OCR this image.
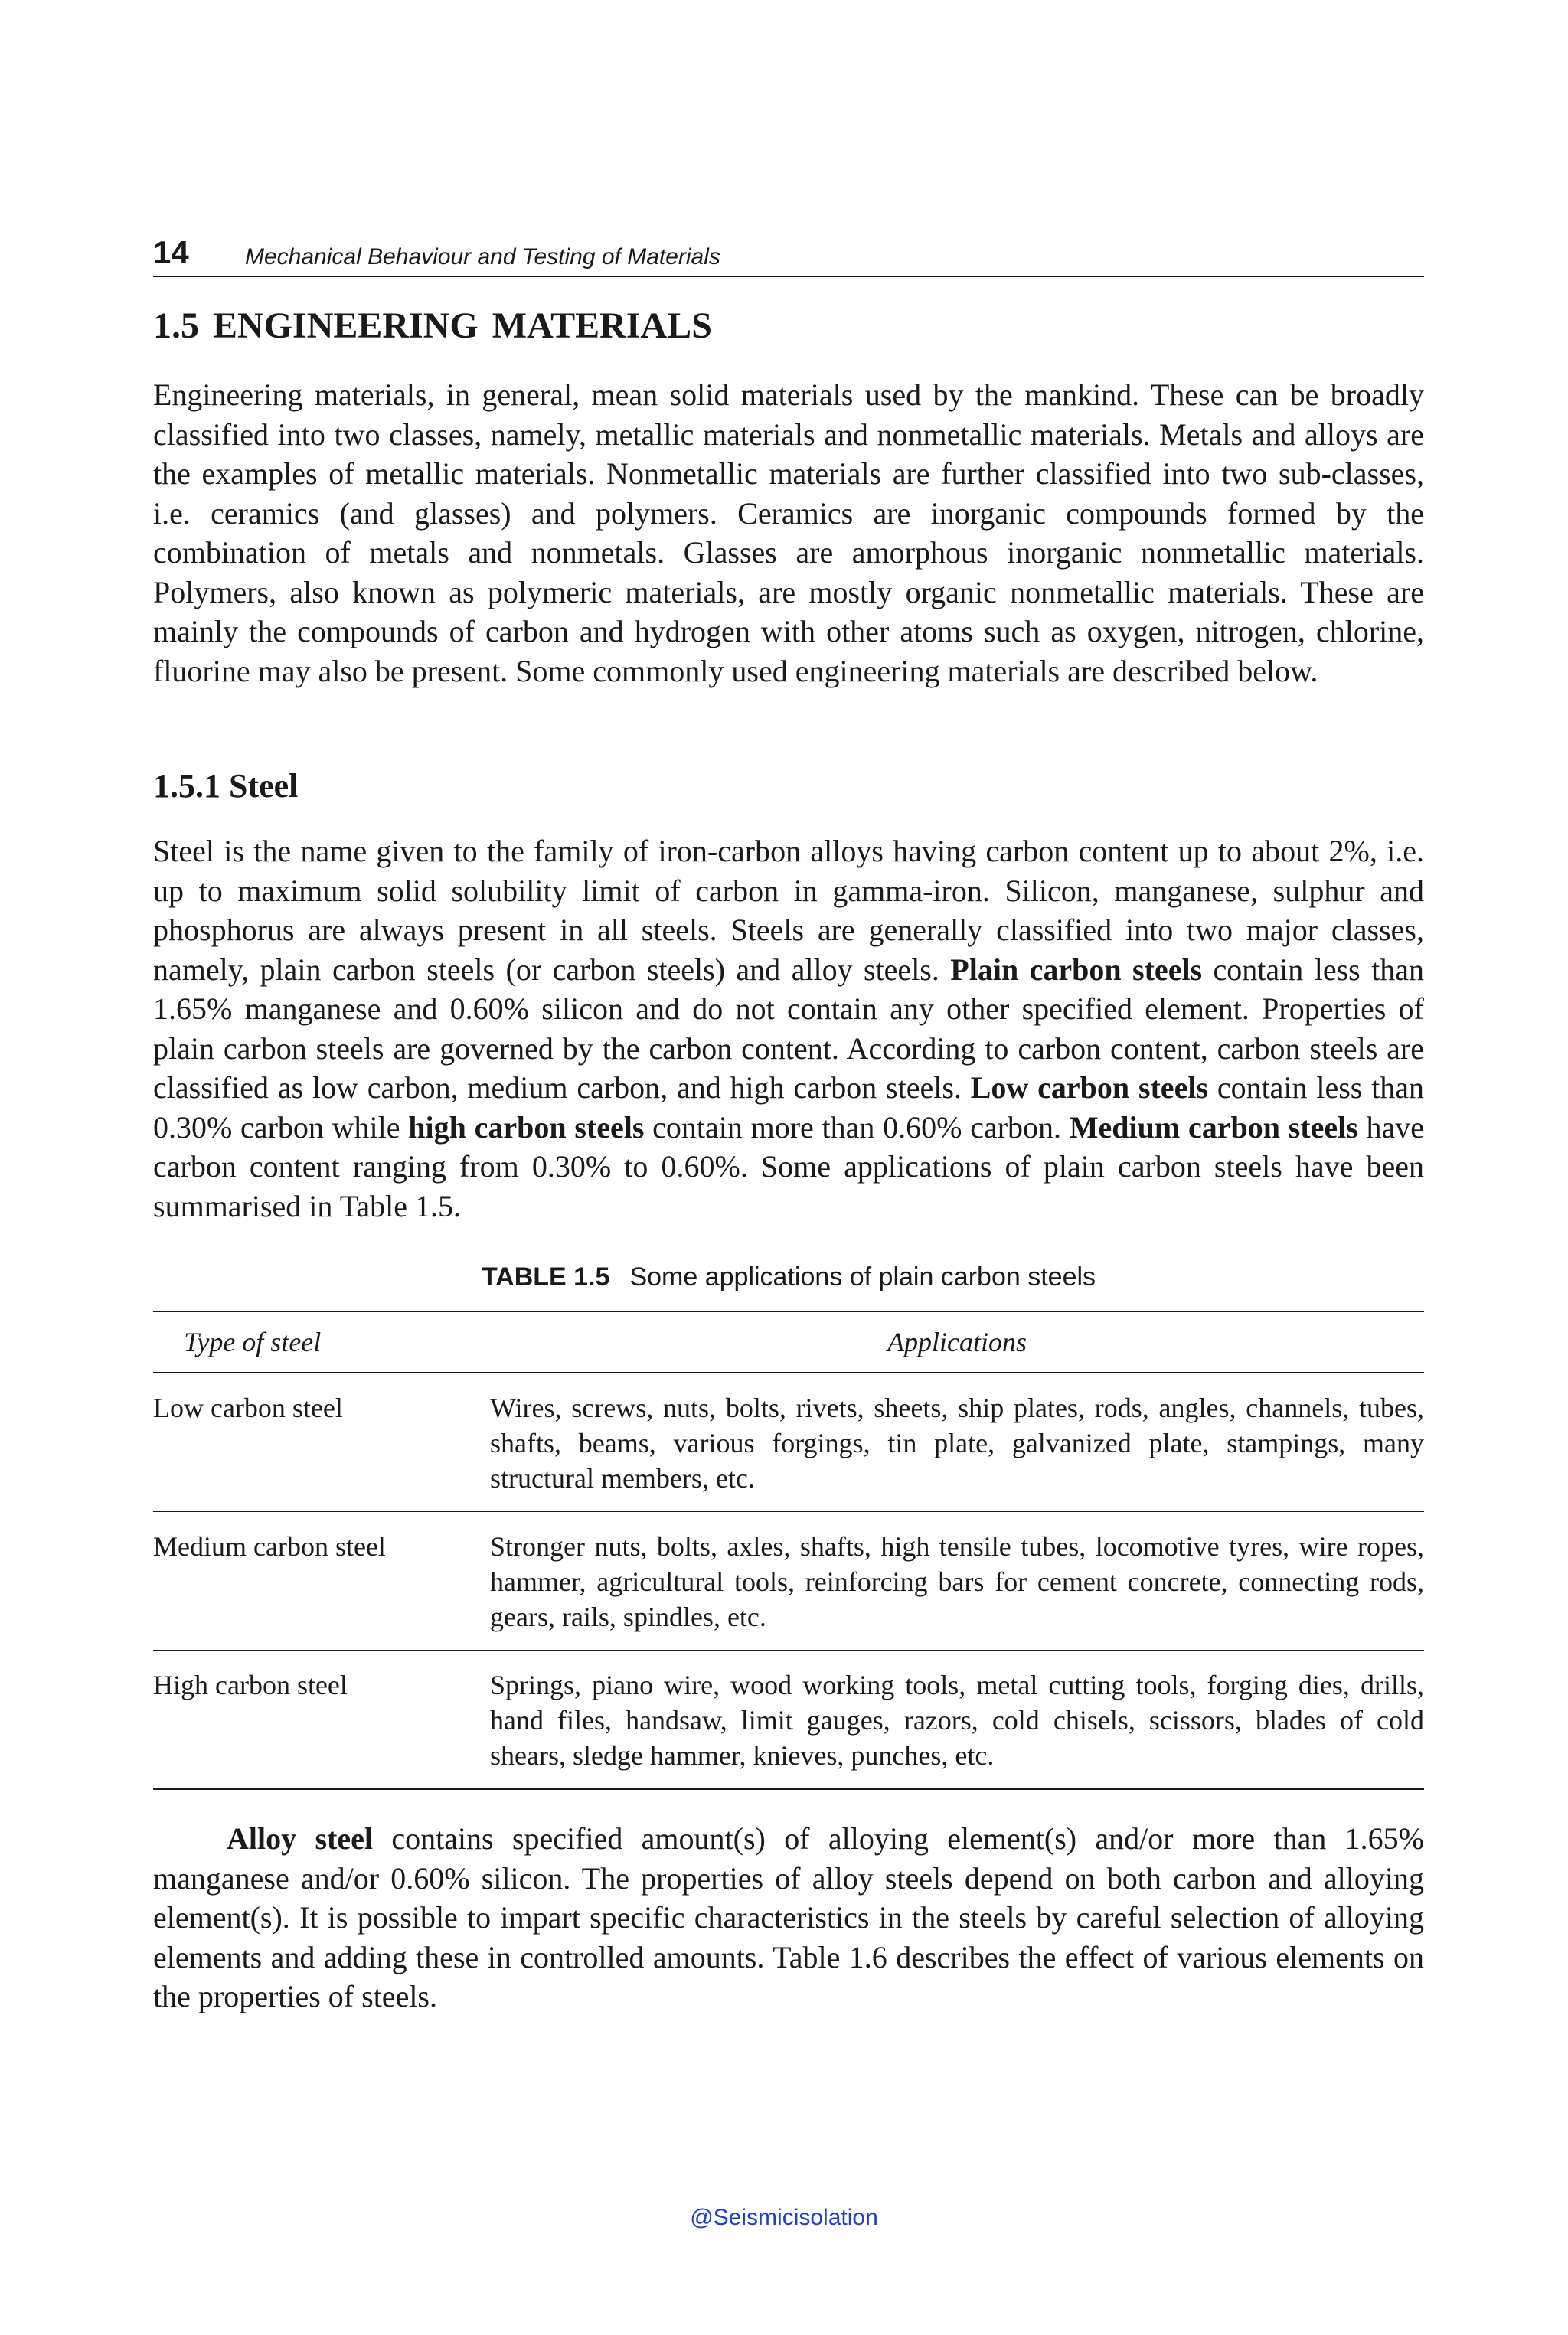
14 Mechanical Behaviour and Testing of Materials
1.5 ENGINEERING MATERIALS

Engineering materials, in general, mean solid materials used by the mankind. These can be broadly classified into two classes, namely, metallic materials and nonmetallic materials. Metals and alloys are the examples of metallic materials. Nonmetallic materials are further classified into two sub-classes, i.e. ceramics (and glasses) and polymers. Ceramics are inorganic compounds formed by the combination of metals and nonmetals. Glasses are amorphous inorganic nonmetallic materials. Polymers, also known as polymeric materials, are mostly organic nonmetallic materials. These are mainly the compounds of carbon and hydrogen with other atoms such as oxygen, nitrogen, chlorine, fluorine may also be present. Some commonly used engineering materials are described below.

1.5.1 Steel

Steel is the name given to the family of iron-carbon alloys having carbon content up to about 2%, i.e. up to maximum solid solubility limit of carbon in gamma-iron. Silicon, manganese, sulphur and phosphorus are always present in all steels. Steels are generally classified into two major classes, namely, plain carbon steels (or carbon steels) and alloy steels. Plain carbon steels contain less than 1.65% manganese and 0.60% silicon and do not contain any other specified element. Properties of plain carbon steels are governed by the carbon content. According to carbon content, carbon steels are classified as low carbon, medium carbon, and high carbon steels. Low carbon steels contain less than 0.30% carbon while high carbon steels contain more than 0.60% carbon. Medium carbon steels have carbon content ranging from 0.30% to 0.60%. Some applications of plain carbon steels have been summarised in Table 1.5.

TABLE 1.5 Some applications of plain carbon steels
Type of steel	Applications
Low carbon steel	Wires, screws, nuts, bolts, rivets, sheets, ship plates, rods, angles, channels, tubes, shafts, beams, various forgings, tin plate, galvanized plate, stampings, many structural members, etc.
Medium carbon steel	Stronger nuts, bolts, axles, shafts, high tensile tubes, locomotive tyres, wire ropes, hammer, agricultural tools, reinforcing bars for cement concrete, connecting rods, gears, rails, spindles, etc.
High carbon steel	Springs, piano wire, wood working tools, metal cutting tools, forging dies, drills, hand files, handsaw, limit gauges, razors, cold chisels, scissors, blades of cold shears, sledge hammer, knieves, punches, etc.

Alloy steel contains specified amount(s) of alloying element(s) and/or more than 1.65% manganese and/or 0.60% silicon. The properties of alloy steels depend on both carbon and alloying element(s). It is possible to impart specific characteristics in the steels by careful selection of alloying elements and adding these in controlled amounts. Table 1.6 describes the effect of various elements on the properties of steels.

@Seismicisolation
